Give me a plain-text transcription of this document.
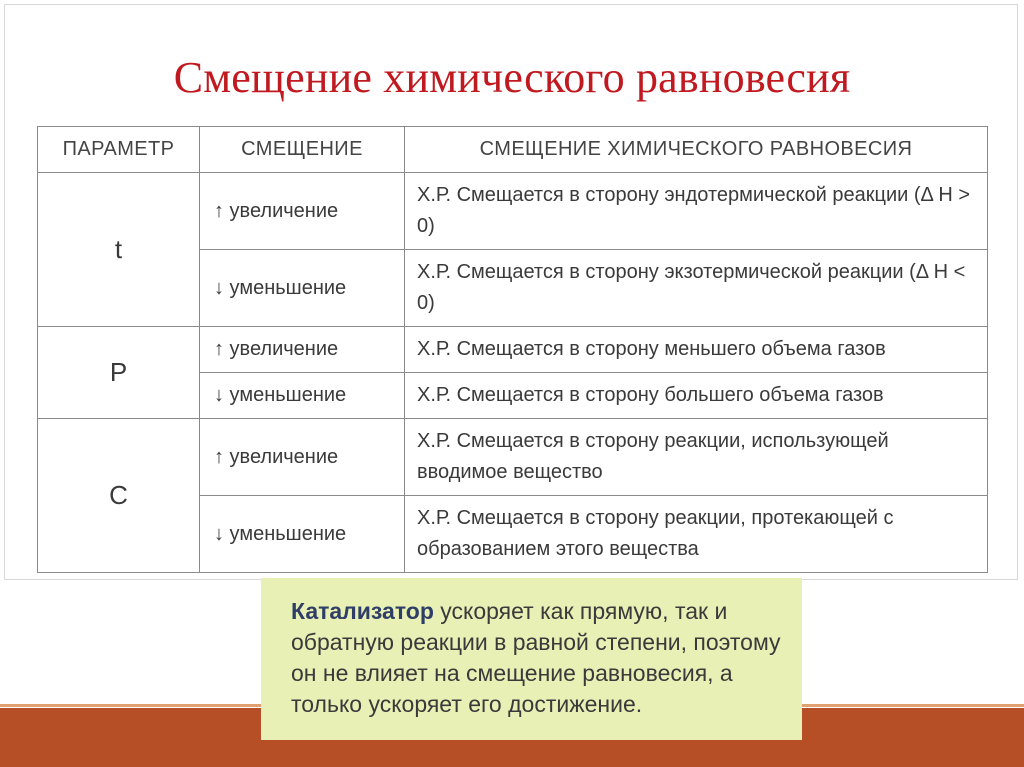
Смещение химического равновесия
ПАРАМЕТР	СМЕЩЕНИЕ	СМЕЩЕНИЕ ХИМИЧЕСКОГО РАВНОВЕСИЯ
t	↑ увеличение	Х.Р. Смещается в сторону эндотермической реакции (Δ Н > 0)
	↓ уменьшение	Х.Р. Смещается в сторону экзотермической реакции (Δ Н < 0)
Р	↑ увеличение	Х.Р. Смещается в сторону меньшего объема газов
	↓ уменьшение	Х.Р. Смещается в сторону большего объема газов
С	↑ увеличение	Х.Р. Смещается в сторону реакции, использующей вводимое вещество
	↓ уменьшение	Х.Р. Смещается в сторону реакции, протекающей с образованием этого вещества
Катализатор ускоряет как прямую, так и обратную реакции в равной степени, поэтому он не влияет на смещение равновесия, а только ускоряет его достижение.
